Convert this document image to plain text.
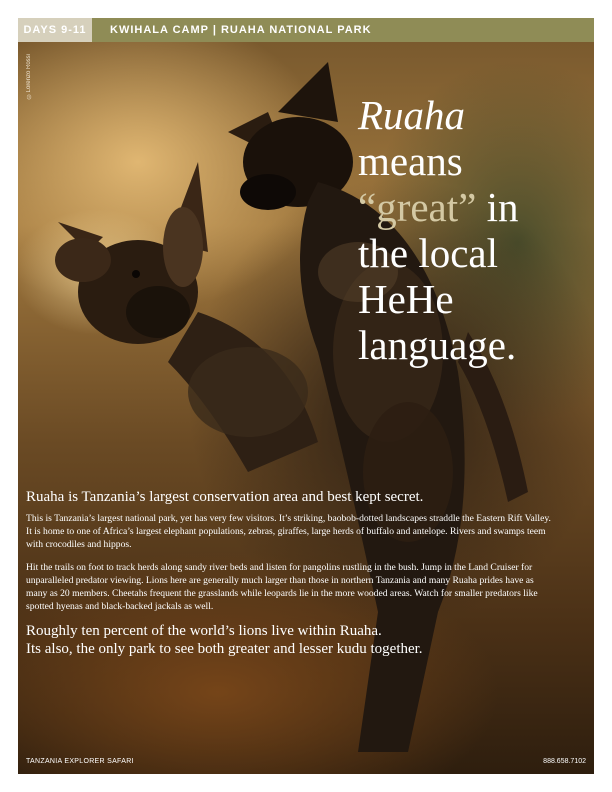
DAYS 9-11	KWIHALA CAMP | RUAHA NATIONAL PARK
©Lorenzo Rossi
Ruaha
means
“great” in
the local
HeHe
language.

Ruaha is Tanzania’s largest conservation area and best kept secret.

This is Tanzania’s largest national park, yet has very few visitors. It’s striking, baobob-dotted landscapes straddle the Eastern Rift Valley. It is home to one of Africa’s largest elephant populations, zebras, giraffes, large herds of buffalo and antelope. Rivers and swamps teem with crocodiles and hippos.

Hit the trails on foot to track herds along sandy river beds and listen for pangolins rustling in the bush. Jump in the Land Cruiser for unparalleled predator viewing. Lions here are generally much larger than those in northern Tanzania and many Ruaha prides have as many as 20 members. Cheetahs frequent the grasslands while leopards lie in the more wooded areas. Watch for smaller predators like spotted hyenas and black-backed jackals as well.

Roughly ten percent of the world’s lions live within Ruaha.

Its also, the only park to see both greater and lesser kudu together.

TANZANIA EXPLORER SAFARI	888.658.7102
